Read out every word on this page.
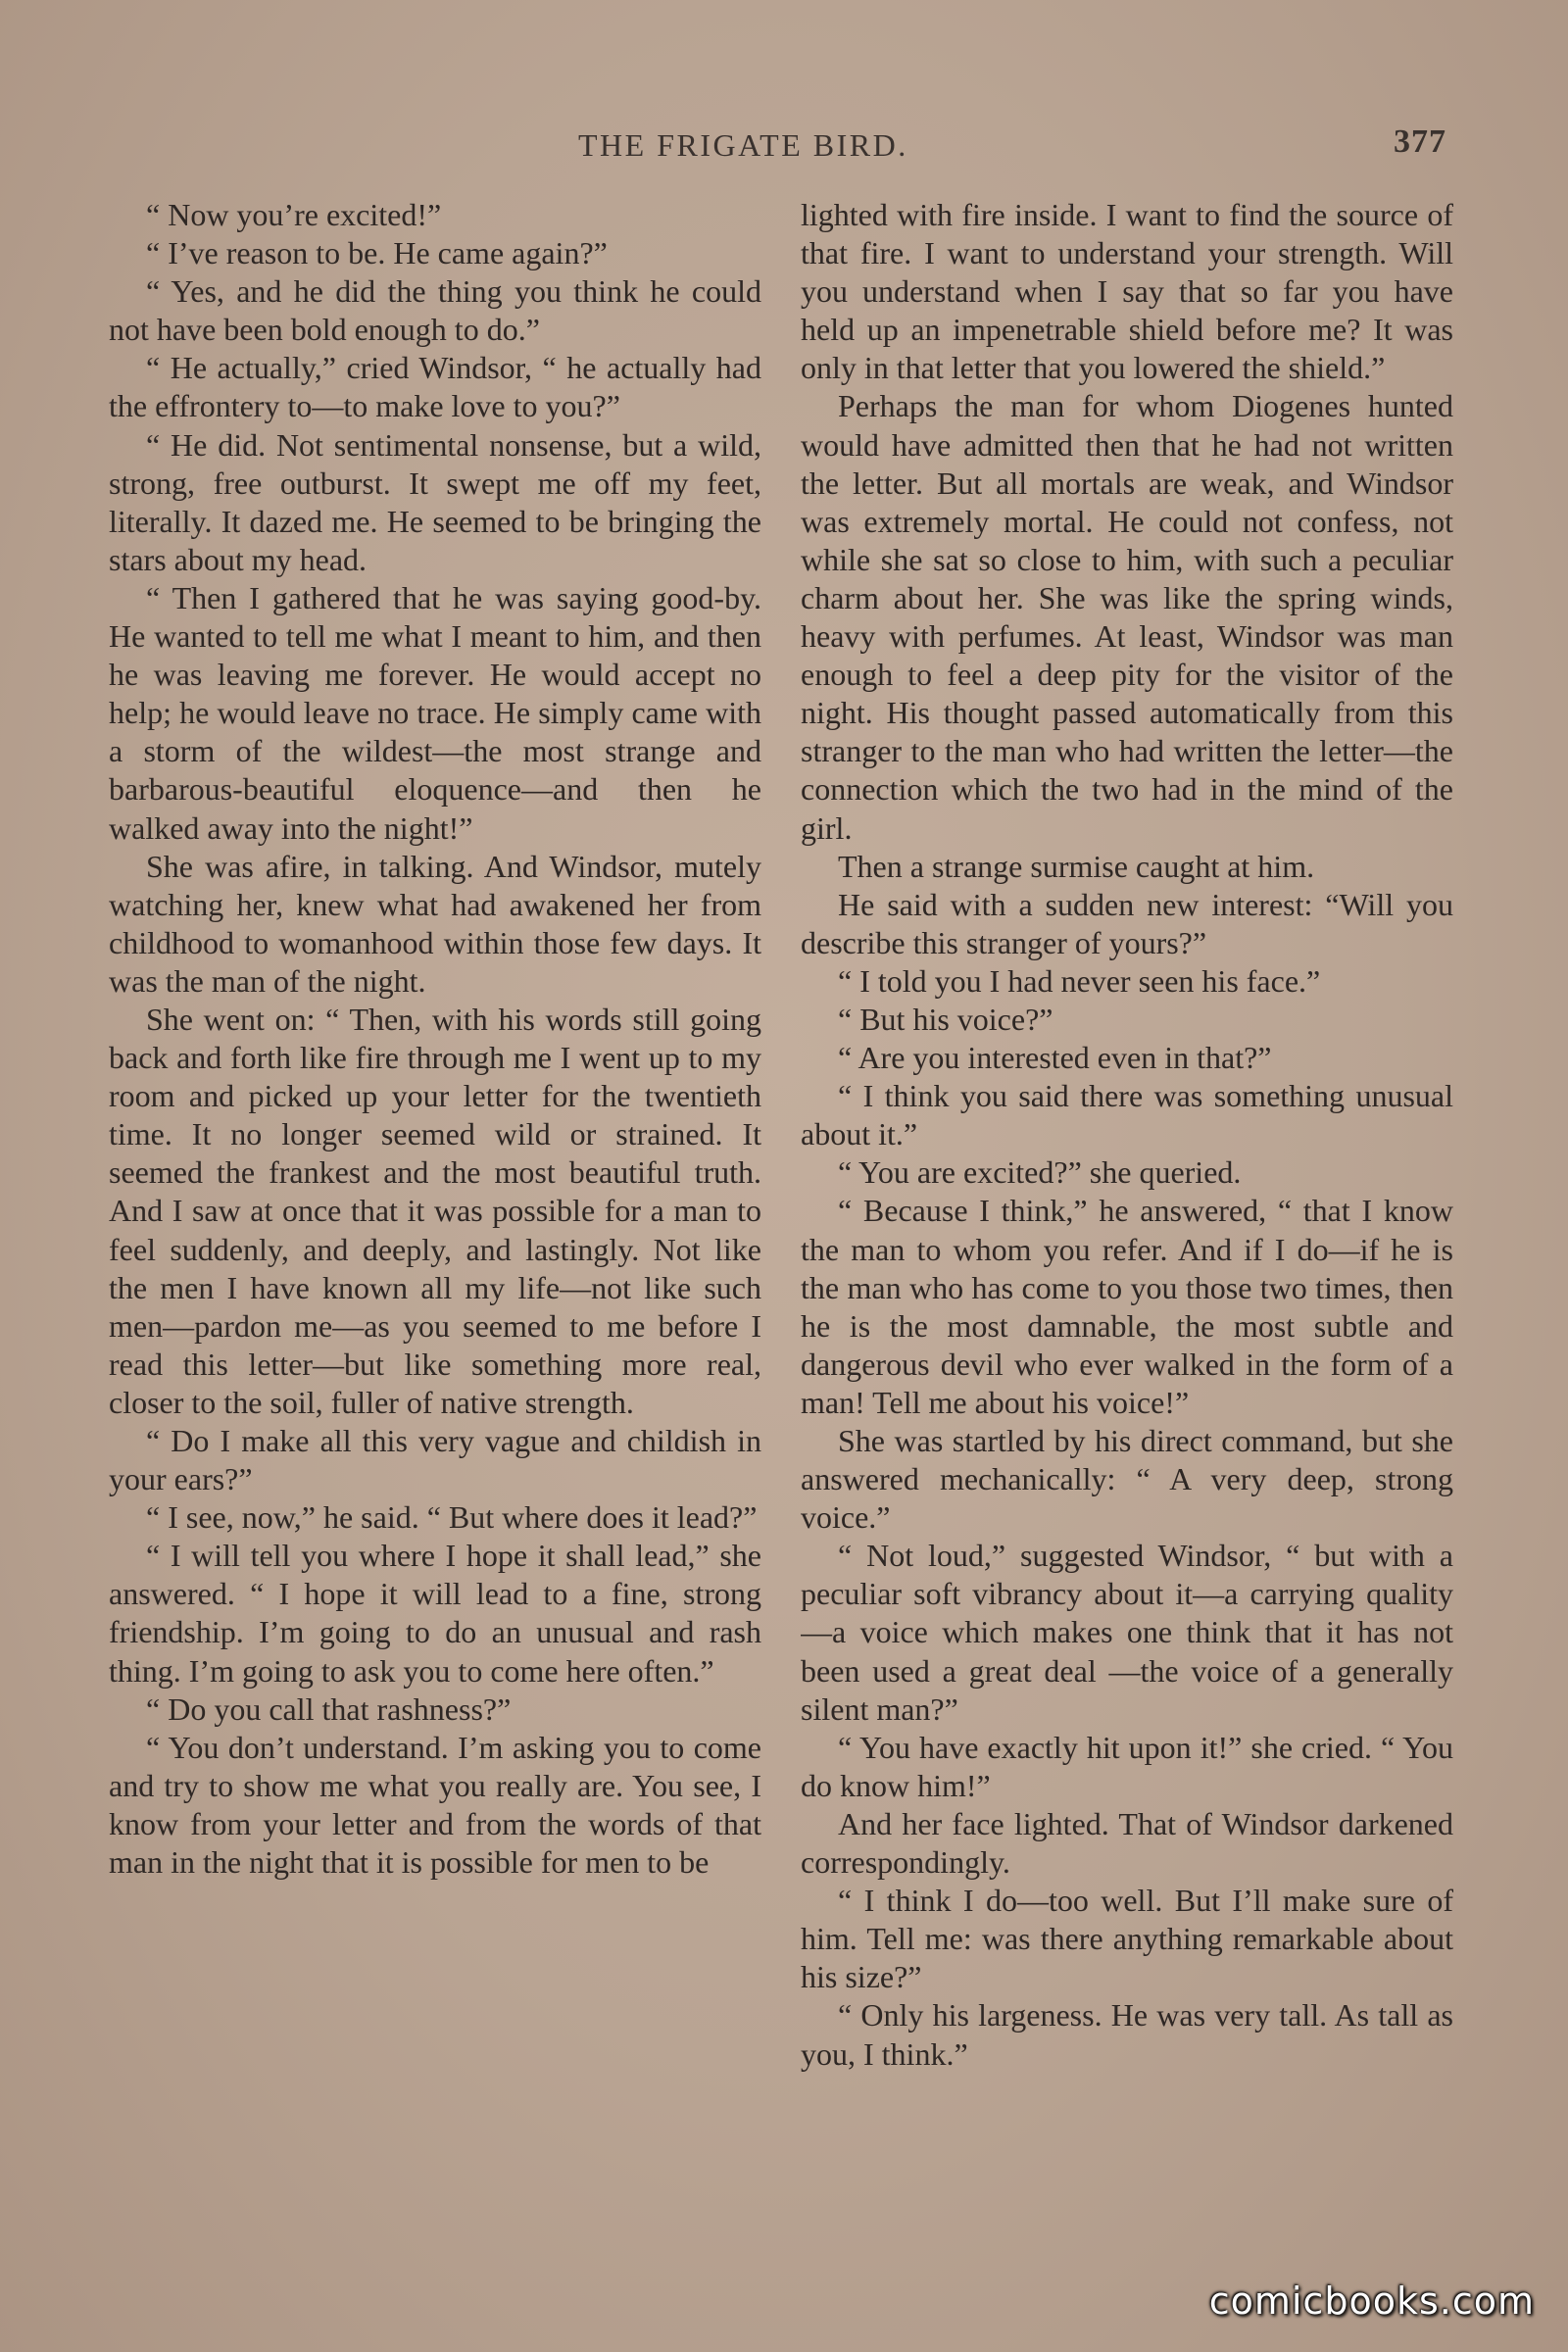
THE FRIGATE BIRD.	377

“ Now you’re excited!”

“ I’ve reason to be. He came again?”

“ Yes, and he did the thing you think he could not have been bold enough to do.”

“ He actually,” cried Windsor, “ he actually had the effrontery to—to make love to you?”

“ He did. Not sentimental nonsense, but a wild, strong, free outburst. It swept me off my feet, literally. It dazed me. He seemed to be bringing the stars about my head.

“ Then I gathered that he was saying good-by. He wanted to tell me what I meant to him, and then he was leaving me forever. He would accept no help; he would leave no trace. He simply came with a storm of the wildest—the most strange and barbarous-beautiful eloquence—and then he walked away into the night!”

She was afire, in talking. And Windsor, mutely watching her, knew what had awakened her from childhood to womanhood within those few days. It was the man of the night.

She went on: “ Then, with his words still going back and forth like fire through me I went up to my room and picked up your letter for the twentieth time. It no longer seemed wild or strained. It seemed the frankest and the most beautiful truth. And I saw at once that it was possible for a man to feel suddenly, and deeply, and lastingly. Not like the men I have known all my life—not like such men—pardon me—as you seemed to me before I read this letter—but like something more real, closer to the soil, fuller of native strength.

“ Do I make all this very vague and childish in your ears?”

“ I see, now,” he said. “ But where does it lead?”

“ I will tell you where I hope it shall lead,” she answered. “ I hope it will lead to a fine, strong friendship. I’m going to do an unusual and rash thing. I’m going to ask you to come here often.”

“ Do you call that rashness?”

“ You don’t understand. I’m asking you to come and try to show me what you really are. You see, I know from your letter and from the words of that man in the night that it is possible for men to be

lighted with fire inside. I want to find the source of that fire. I want to understand your strength. Will you understand when I say that so far you have held up an impenetrable shield before me? It was only in that letter that you lowered the shield.”

Perhaps the man for whom Diogenes hunted would have admitted then that he had not written the letter. But all mortals are weak, and Windsor was extremely mortal. He could not confess, not while she sat so close to him, with such a peculiar charm about her. She was like the spring winds, heavy with perfumes. At least, Windsor was man enough to feel a deep pity for the visitor of the night. His thought passed automatically from this stranger to the man who had written the letter—the connection which the two had in the mind of the girl.

Then a strange surmise caught at him.

He said with a sudden new interest: “Will you describe this stranger of yours?”

“ I told you I had never seen his face.”

“ But his voice?”

“ Are you interested even in that?”

“ I think you said there was something unusual about it.”

“ You are excited?” she queried.

“ Because I think,” he answered, “ that I know the man to whom you refer. And if I do—if he is the man who has come to you those two times, then he is the most damnable, the most subtle and dangerous devil who ever walked in the form of a man! Tell me about his voice!”

She was startled by his direct command, but she answered mechanically: “ A very deep, strong voice.”

“ Not loud,” suggested Windsor, “ but with a peculiar soft vibrancy about it—a carrying quality—a voice which makes one think that it has not been used a great deal —the voice of a generally silent man?”

“ You have exactly hit upon it!” she cried. “ You do know him!”

And her face lighted. That of Windsor darkened correspondingly.

“ I think I do—too well. But I’ll make sure of him. Tell me: was there anything remarkable about his size?”

“ Only his largeness. He was very tall. As tall as you, I think.”

comicbooks.com
